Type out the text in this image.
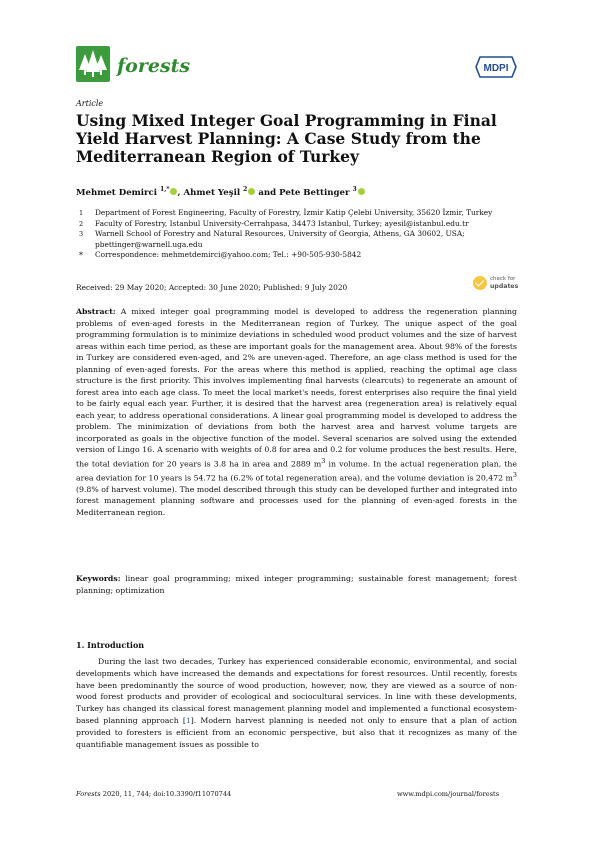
forests	MDPI
Article
Using Mixed Integer Goal Programming in Final Yield Harvest Planning: A Case Study from the Mediterranean Region of Turkey
Mehmet Demirci $^{1,*}$ , Ahmet Yeşil $^2$ and Pete Bettinger $^3$
1 Department of Forest Engineering, Faculty of Forestry, İzmir Katip Çelebi University, 35620 İzmir, Turkey
2 Faculty of Forestry, Istanbul University-Cerrahpasa, 34473 Istanbul, Turkey; ayesil@istanbul.edu.tr
3 Warnell School of Forestry and Natural Resources, University of Georgia, Athens, GA 30602, USA;
pbettinger@warnell.uga.edu
* Correspondence: mehmetdemirci@yahoo.com; Tel.: +90-505-930-5842
check for
updates
Received: 29 May 2020; Accepted: 30 June 2020; Published: 9 July 2020

Abstract: A mixed integer goal programming model is developed to address the regeneration planning problems of even-aged forests in the Mediterranean region of Turkey. The unique aspect of the goal programming formulation is to minimize deviations in scheduled wood product volumes and the size of harvest areas within each time period, as these are important goals for the management area. About 98% of the forests in Turkey are considered even-aged, and 2% are uneven-aged. Therefore, an age class method is used for the planning of even-aged forests. For the areas where this method is applied, reaching the optimal age class structure is the first priority. This involves implementing final harvests (clearcuts) to regenerate an amount of forest area into each age class. To meet the local market's needs, forest enterprises also require the final yield to be fairly equal each year. Further, it is desired that the harvest area (regeneration area) is relatively equal each year, to address operational considerations. A linear goal programming model is developed to address the problem. The minimization of deviations from both the harvest area and harvest volume targets are incorporated as goals in the objective function of the model. Several scenarios are solved using the extended version of Lingo 16. A scenario with weights of 0.8 for area and 0.2 for volume produces the best results. Here, the total deviation for 20 years is 3.8 ha in area and 2889 $m^3$ in volume. In the actual regeneration plan, the area deviation for 10 years is 54.72 ha (6.2% of total regeneration area), and the volume deviation is 20,472 $m^3$ (9.8% of harvest volume). The model described through this study can be developed further and integrated into forest management planning software and processes used for the planning of even-aged forests in the Mediterranean region.

Keywords: linear goal programming; mixed integer programming; sustainable forest management; forest planning; optimization

1. Introduction

During the last two decades, Turkey has experienced considerable economic, environmental, and social developments which have increased the demands and expectations for forest resources. Until recently, forests have been predominantly the source of wood production, however, now, they are viewed as a source of non-wood forest products and provider of ecological and sociocultural services. In line with these developments, Turkey has changed its classical forest management planning model and implemented a functional ecosystem-based planning approach [1]. Modern harvest planning is needed not only to ensure that a plan of action provided to foresters is efficient from an economic perspective, but also that it recognizes as many of the quantifiable management issues as possible to

Forests 2020, 11, 744; doi:10.3390/f11070744	www.mdpi.com/journal/forests
